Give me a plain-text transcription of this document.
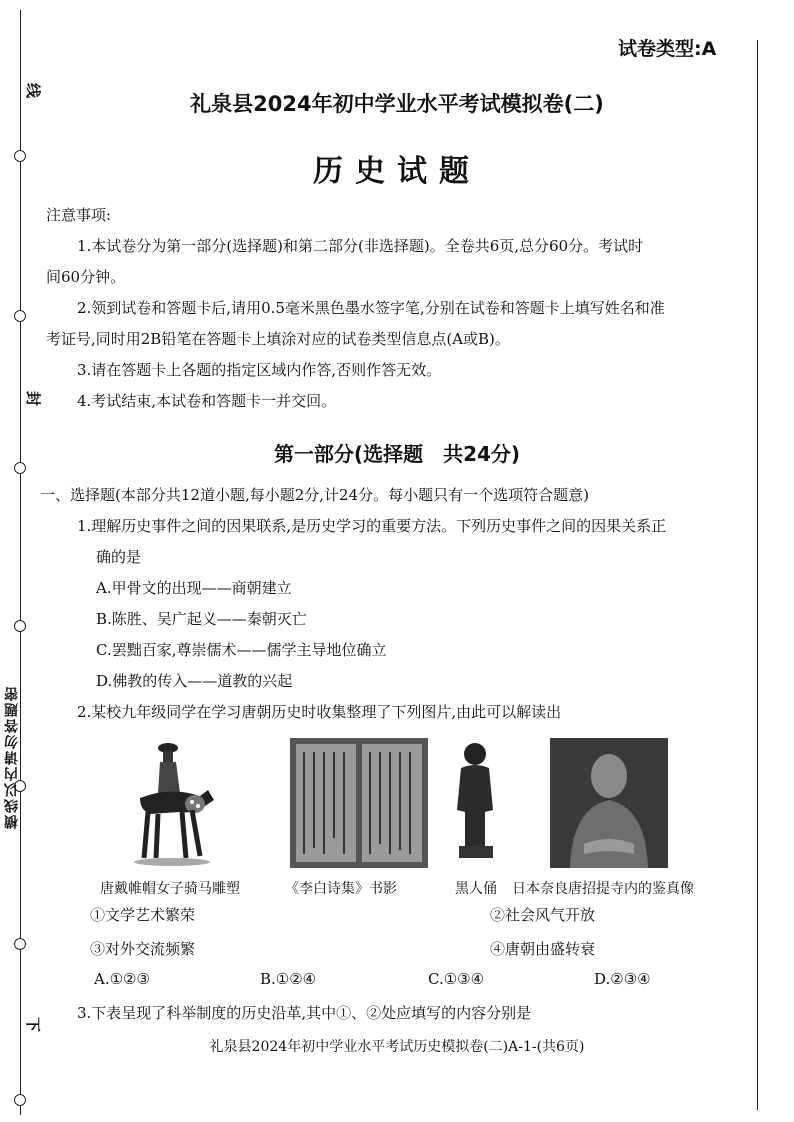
线
封
下
横线以内请勿答题密
试卷类型:A
礼泉县2024年初中学业水平考试模拟卷(二)
历史试题

注意事项:

1.本试卷分为第一部分(选择题)和第二部分(非选择题)。全卷共6页,总分60分。考试时

间60分钟。

2.领到试卷和答题卡后,请用0.5毫米黑色墨水签字笔,分别在试卷和答题卡上填写姓名和准

考证号,同时用2B铅笔在答题卡上填涂对应的试卷类型信息点(A或B)。

3.请在答题卡上各题的指定区域内作答,否则作答无效。

4.考试结束,本试卷和答题卡一并交回。

第一部分(选择题　共24分)

一、选择题(本部分共12道小题,每小题2分,计24分。每小题只有一个选项符合题意)

1.理解历史事件之间的因果联系,是历史学习的重要方法。下列历史事件之间的因果关系正

确的是

A.甲骨文的出现——商朝建立

B.陈胜、吴广起义——秦朝灭亡

C.罢黜百家,尊崇儒术——儒学主导地位确立

D.佛教的传入——道教的兴起

2.某校九年级同学在学习唐朝历史时收集整理了下列图片,由此可以解读出

唐戴帷帽女子骑马雕塑	《李白诗集》书影	黑人俑 日本奈良唐招提寺内的鉴真像
①文学艺术繁荣	②社会风气开放
③对外交流频繁	④唐朝由盛转衰
A.①②③	B.①②④	C.①③④	D.②③④

3.下表呈现了科举制度的历史沿革,其中①、②处应填写的内容分别是

礼泉县2024年初中学业水平考试历史模拟卷(二)A-1-(共6页)
